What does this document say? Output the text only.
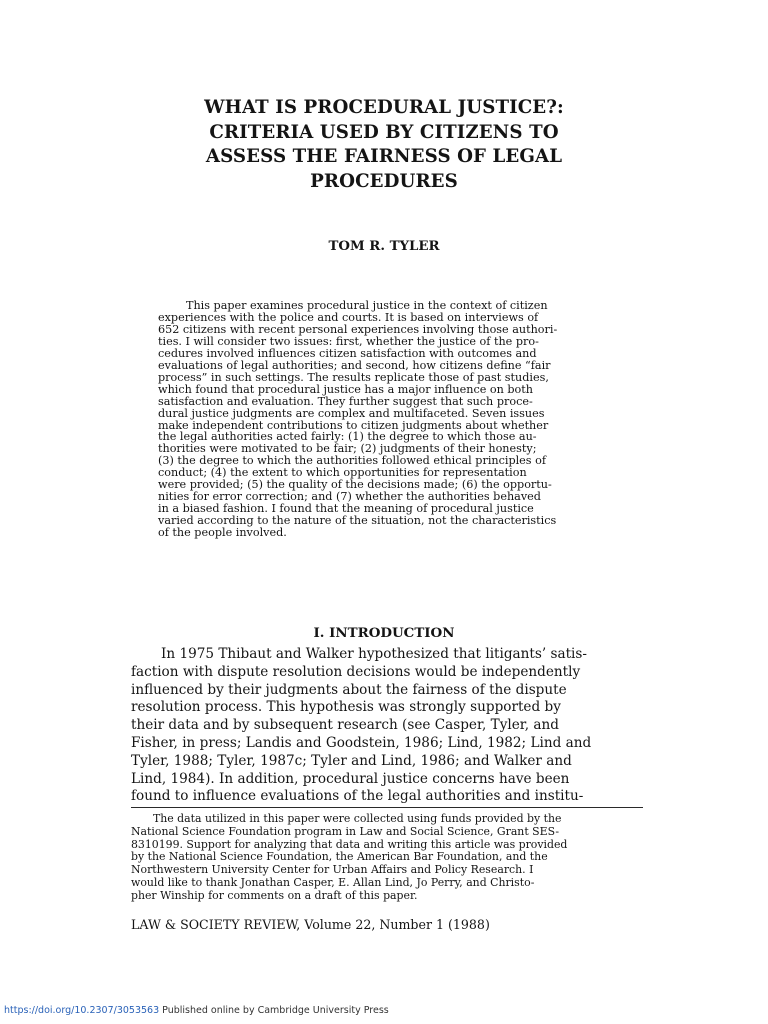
WHAT IS PROCEDURAL JUSTICE?:
CRITERIA USED BY CITIZENS TO
ASSESS THE FAIRNESS OF LEGAL
PROCEDURES
TOM R. TYLER
This paper examines procedural justice in the context of citizen
experiences with the police and courts. It is based on interviews of
652 citizens with recent personal experiences involving those authori-
ties. I will consider two issues: first, whether the justice of the pro-
cedures involved influences citizen satisfaction with outcomes and
evaluations of legal authorities; and second, how citizens define “fair
process” in such settings. The results replicate those of past studies,
which found that procedural justice has a major influence on both
satisfaction and evaluation. They further suggest that such proce-
dural justice judgments are complex and multifaceted. Seven issues
make independent contributions to citizen judgments about whether
the legal authorities acted fairly: (1) the degree to which those au-
thorities were motivated to be fair; (2) judgments of their honesty;
(3) the degree to which the authorities followed ethical principles of
conduct; (4) the extent to which opportunities for representation
were provided; (5) the quality of the decisions made; (6) the opportu-
nities for error correction; and (7) whether the authorities behaved
in a biased fashion. I found that the meaning of procedural justice
varied according to the nature of the situation, not the characteristics
of the people involved.
I. INTRODUCTION
In 1975 Thibaut and Walker hypothesized that litigants’ satis-
faction with dispute resolution decisions would be independently
influenced by their judgments about the fairness of the dispute
resolution process. This hypothesis was strongly supported by
their data and by subsequent research (see Casper, Tyler, and
Fisher, in press; Landis and Goodstein, 1986; Lind, 1982; Lind and
Tyler, 1988; Tyler, 1987c; Tyler and Lind, 1986; and Walker and
Lind, 1984). In addition, procedural justice concerns have been
found to influence evaluations of the legal authorities and institu-
The data utilized in this paper were collected using funds provided by the
National Science Foundation program in Law and Social Science, Grant SES-
8310199. Support for analyzing that data and writing this article was provided
by the National Science Foundation, the American Bar Foundation, and the
Northwestern University Center for Urban Affairs and Policy Research. I
would like to thank Jonathan Casper, E. Allan Lind, Jo Perry, and Christo-
pher Winship for comments on a draft of this paper.
LAW & SOCIETY REVIEW, Volume 22, Number 1 (1988)
https://doi.org/10.2307/3053563 Published online by Cambridge University Press
